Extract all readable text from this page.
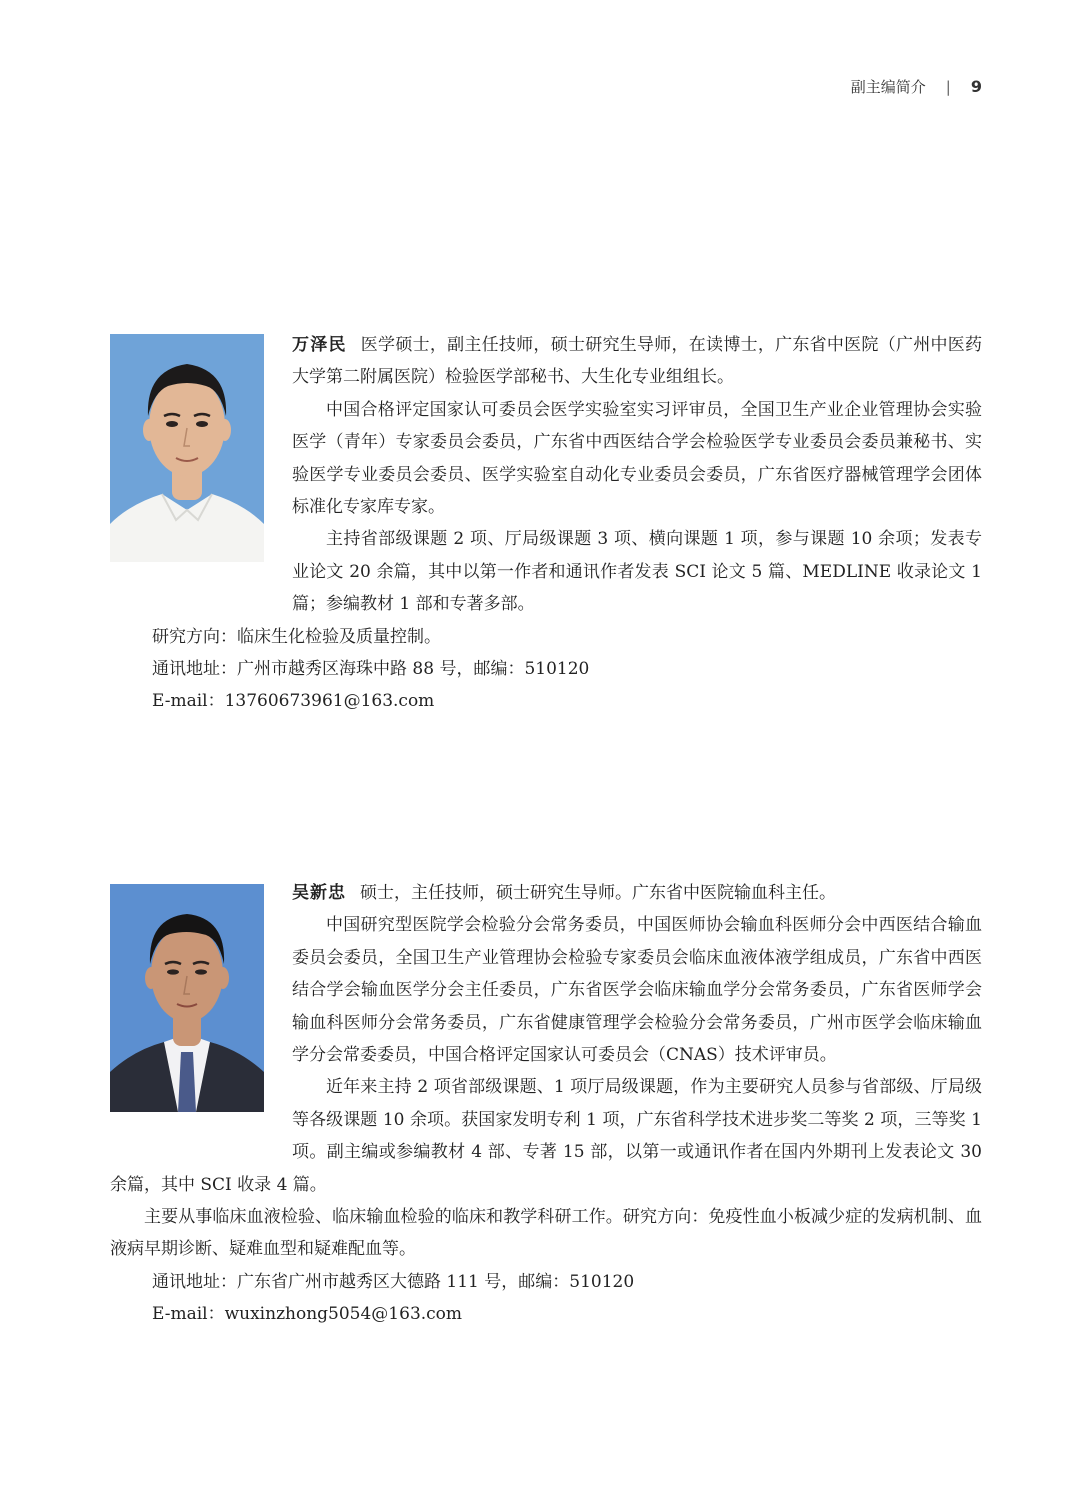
副主编简介 | 9

万泽民 医学硕士，副主任技师，硕士研究生导师，在读博士，广东省中医院（广州中医药大学第二附属医院）检验医学部秘书、大生化专业组组长。

中国合格评定国家认可委员会医学实验室实习评审员，全国卫生产业企业管理协会实验医学（青年）专家委员会委员，广东省中西医结合学会检验医学专业委员会委员兼秘书、实验医学专业委员会委员、医学实验室自动化专业委员会委员，广东省医疗器械管理学会团体标准化专家库专家。

主持省部级课题 2 项、厅局级课题 3 项、横向课题 1 项，参与课题 10 余项；发表专业论文 20 余篇，其中以第一作者和通讯作者发表 SCI 论文 5 篇、MEDLINE 收录论文 1 篇；参编教材 1 部和专著多部。

研究方向：临床生化检验及质量控制。

通讯地址：广州市越秀区海珠中路 88 号，邮编：510120

E-mail：13760673961@163.com

吴新忠 硕士，主任技师，硕士研究生导师。广东省中医院输血科主任。

中国研究型医院学会检验分会常务委员，中国医师协会输血科医师分会中西医结合输血委员会委员，全国卫生产业管理协会检验专家委员会临床血液体液学组成员，广东省中西医结合学会输血医学分会主任委员，广东省医学会临床输血学分会常务委员，广东省医师学会输血科医师分会常务委员，广东省健康管理学会检验分会常务委员，广州市医学会临床输血学分会常委委员，中国合格评定国家认可委员会（CNAS）技术评审员。

近年来主持 2 项省部级课题、1 项厅局级课题，作为主要研究人员参与省部级、厅局级等各级课题 10 余项。获国家发明专利 1 项，广东省科学技术进步奖二等奖 2 项，三等奖 1 项。副主编或参编教材 4 部、专著 15 部，以第一或通讯作者在国内外期刊上发表论文 30 余篇，其中 SCI 收录 4 篇。

主要从事临床血液检验、临床输血检验的临床和教学科研工作。研究方向：免疫性血小板减少症的发病机制、血液病早期诊断、疑难血型和疑难配血等。

通讯地址：广东省广州市越秀区大德路 111 号，邮编：510120

E-mail：wuxinzhong5054@163.com
